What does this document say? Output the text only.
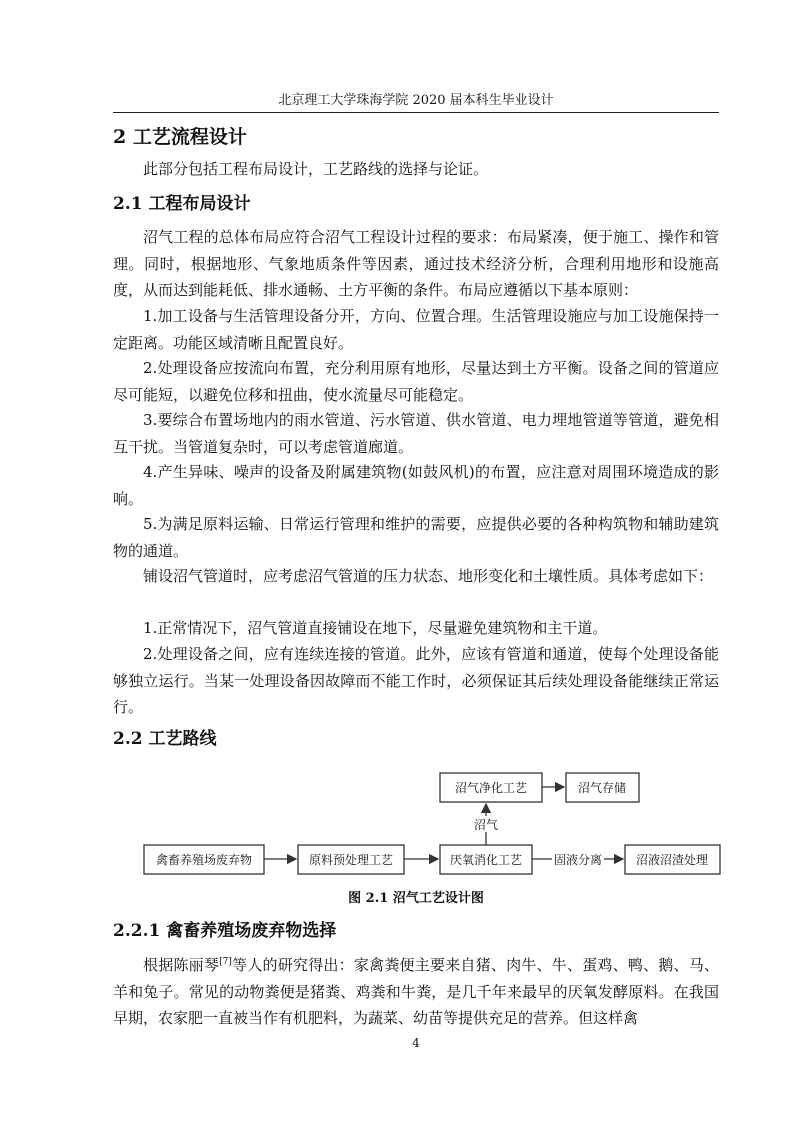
北京理工大学珠海学院 2020 届本科生毕业设计
2 工艺流程设计

此部分包括工程布局设计，工艺路线的选择与论证。

2.1 工程布局设计

沼气工程的总体布局应符合沼气工程设计过程的要求：布局紧凑，便于施工、操作和管理。同时，根据地形、气象地质条件等因素，通过技术经济分析，合理利用地形和设施高度，从而达到能耗低、排水通畅、土方平衡的条件。布局应遵循以下基本原则：

1.加工设备与生活管理设备分开，方向、位置合理。生活管理设施应与加工设施保持一定距离。功能区域清晰且配置良好。

2.处理设备应按流向布置，充分利用原有地形，尽量达到土方平衡。设备之间的管道应尽可能短，以避免位移和扭曲，使水流量尽可能稳定。

3.要综合布置场地内的雨水管道、污水管道、供水管道、电力埋地管道等管道，避免相互干扰。当管道复杂时，可以考虑管道廊道。

4.产生异味、噪声的设备及附属建筑物(如鼓风机)的布置，应注意对周围环境造成的影响。

5.为满足原料运输、日常运行管理和维护的需要，应提供必要的各种构筑物和辅助建筑物的通道。

铺设沼气管道时，应考虑沼气管道的压力状态、地形变化和土壤性质。具体考虑如下：

1.正常情况下，沼气管道直接铺设在地下，尽量避免建筑物和主干道。

2.处理设备之间，应有连续连接的管道。此外，应该有管道和通道，使每个处理设备能够独立运行。当某一处理设备因故障而不能工作时，必须保证其后续处理设备能继续正常运行。

2.2 工艺路线
沼气净化工艺	沼气存储
禽畜养殖场废弃物	原料预处理工艺	厌氧消化工艺	沼液沼渣处理
沼气
固液分离
图 2.1 沼气工艺设计图
2.2.1 禽畜养殖场废弃物选择

根据陈丽琴[7]等人的研究得出：家禽粪便主要来自猪、肉牛、牛、蛋鸡、鸭、鹅、马、羊和兔子。常见的动物粪便是猪粪、鸡粪和牛粪，是几千年来最早的厌氧发酵原料。在我国早期，农家肥一直被当作有机肥料，为蔬菜、幼苗等提供充足的营养。但这样禽

4
